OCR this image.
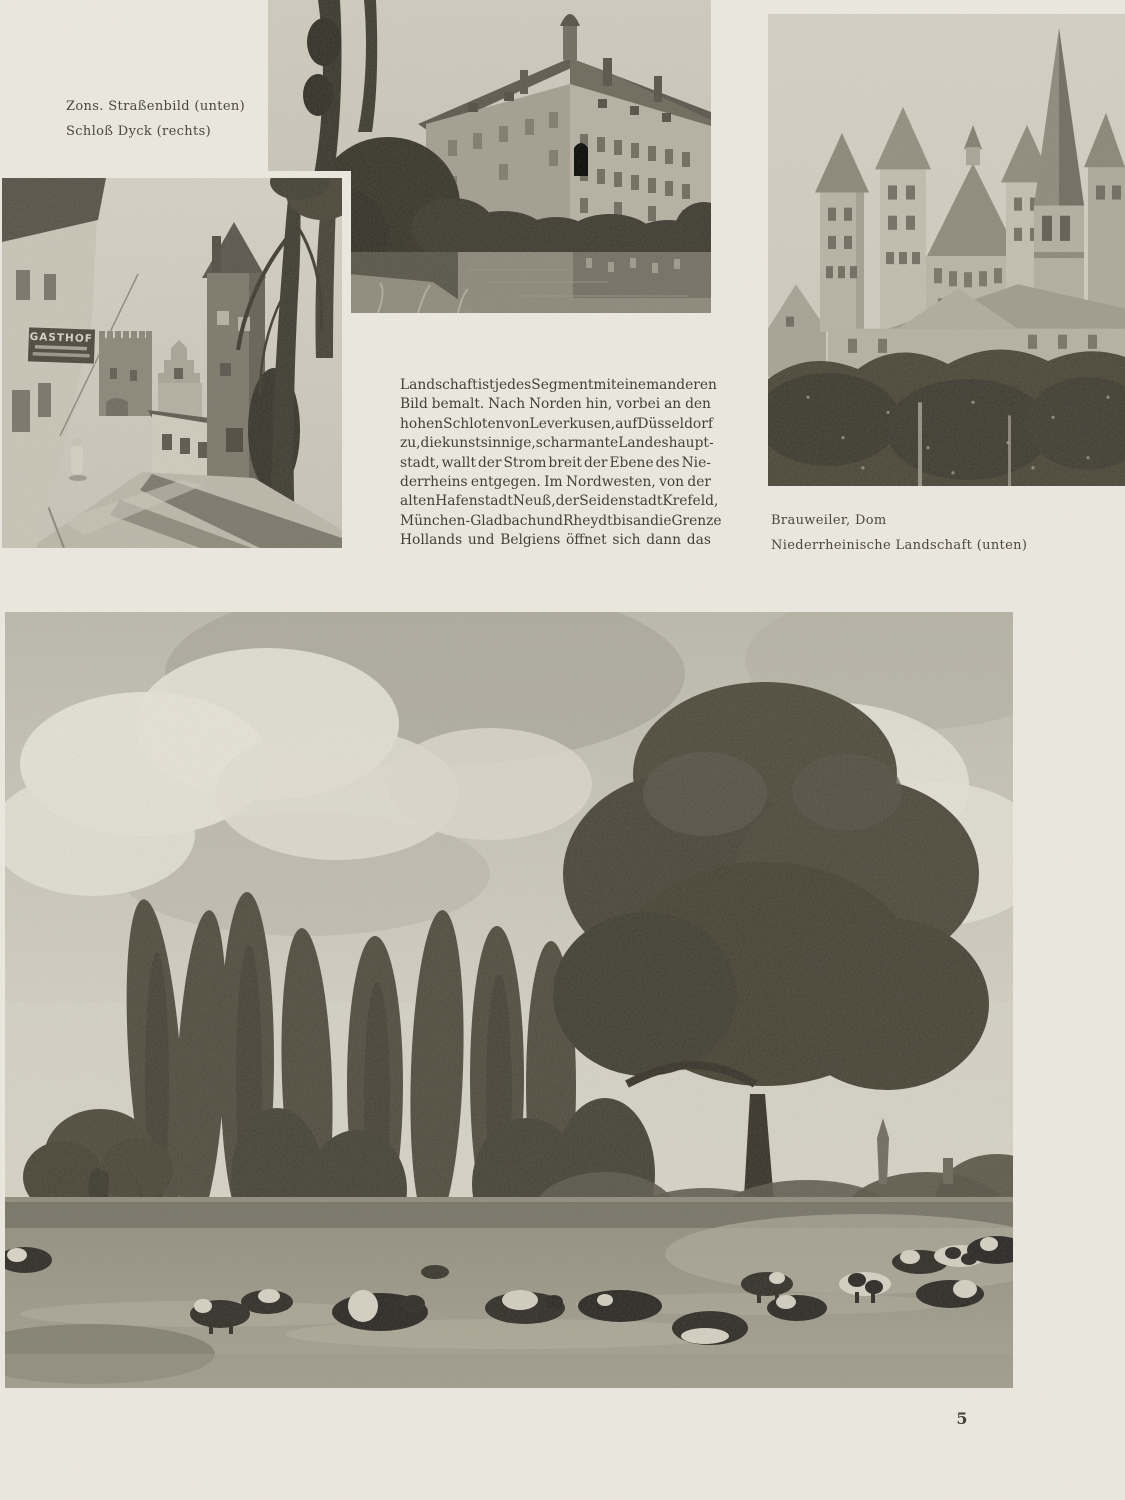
Zons. Straßenbild (unten)
Schloß Dyck (rechts)
Landschaft ist jedes Segment mit einem anderen
Bild bemalt. Nach Norden hin, vorbei an den
hohen Schloten von Leverkusen, auf Düsseldorf
zu, die kunstsinnige, scharmante Landeshaupt-
stadt, wallt der Strom breit der Ebene des Nie-
derrheins entgegen. Im Nordwesten, von der
alten Hafenstadt Neuß, der Seidenstadt Krefeld,
München-Gladbach und Rheydt bis an die Grenze
Hollands und Belgiens öffnet sich dann das
Brauweiler, Dom
Niederrheinische Landschaft (unten)
5
